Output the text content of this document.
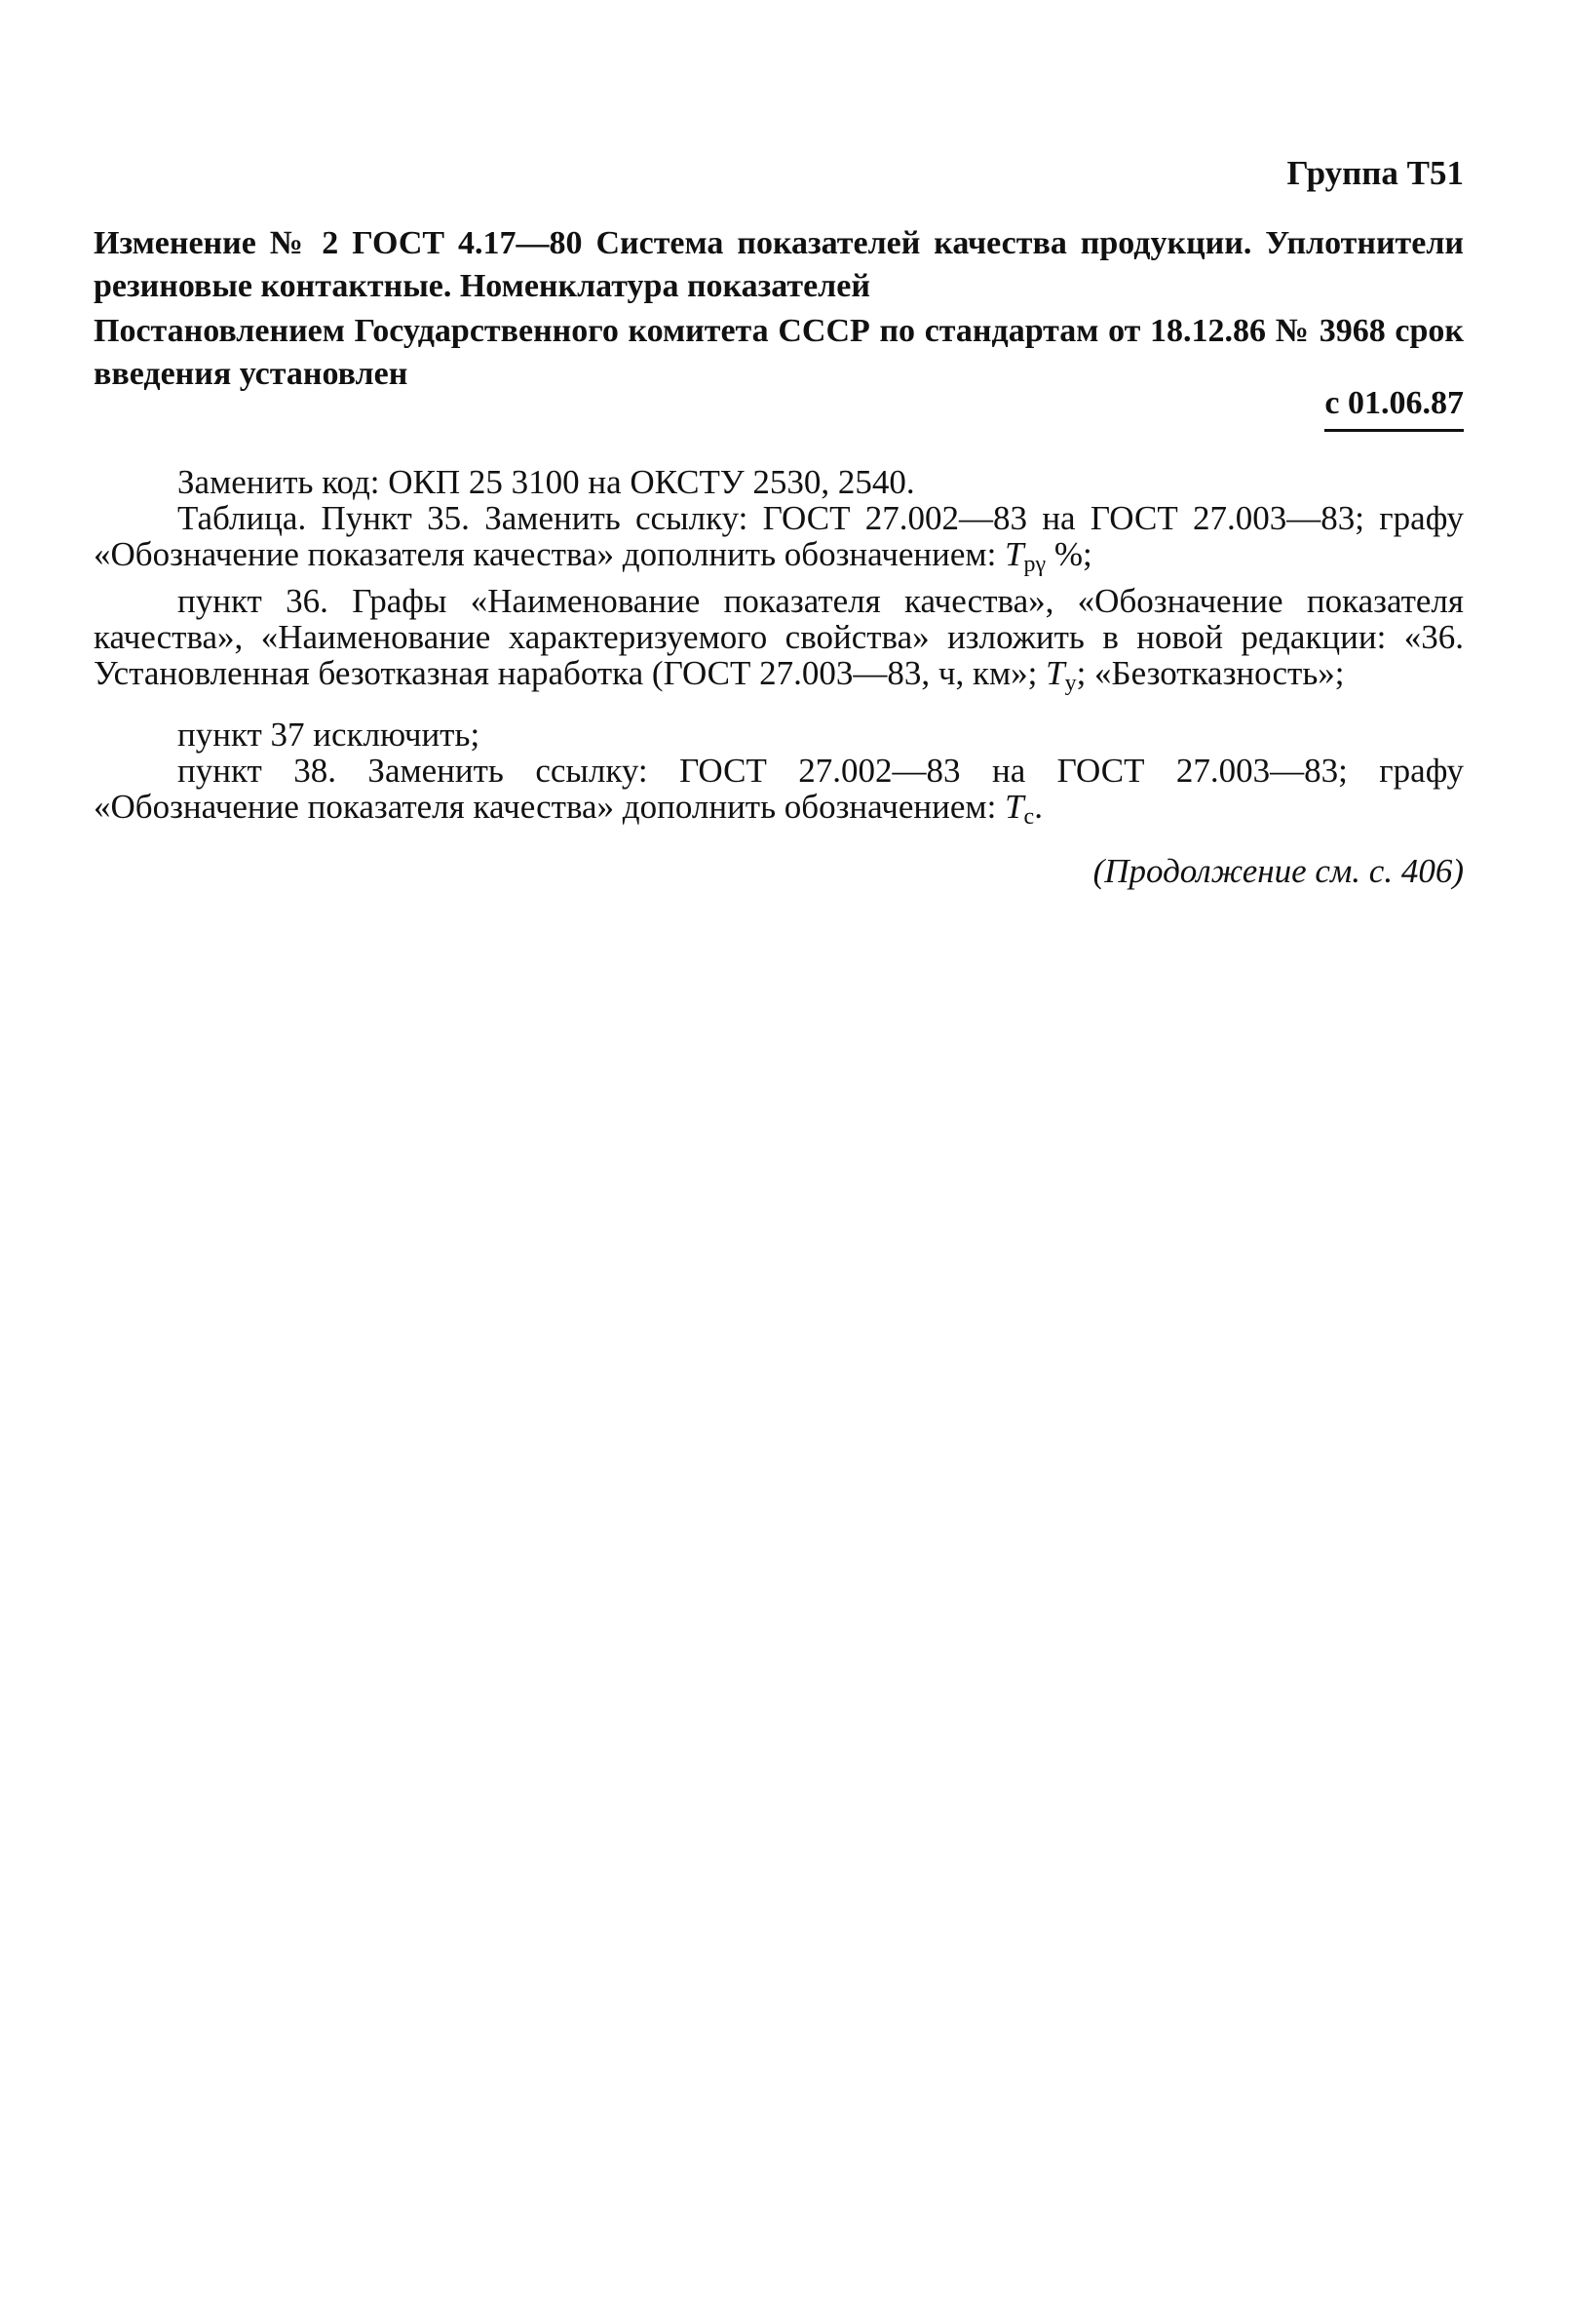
Группа Т51
Изменение № 2 ГОСТ 4.17—80 Система показателей качества продукции. Уплотнители резиновые контактные. Номенклатура показателей
Постановлением Государственного комитета СССР по стандартам от 18.12.86 № 3968 срок введения установлен
с 01.06.87

Заменить код: ОКП 25 3100 на ОКСТУ 2530, 2540.

Таблица. Пункт 35. Заменить ссылку: ГОСТ 27.002—83 на ГОСТ 27.003—83; графу «Обозначение показателя качества» дополнить обозначением: $T_{p\gamma}$ %;

пункт 36. Графы «Наименование показателя качества», «Обозначение показателя качества», «Наименование характеризуемого свойства» изложить в новой редакции: «36. Установленная безотказная наработка (ГОСТ 27.003—83, ч, км»; $T_у$; «Безотказность»;

пункт 37 исключить;

пункт 38. Заменить ссылку: ГОСТ 27.002—83 на ГОСТ 27.003—83; графу «Обозначение показателя качества» дополнить обозначением: $T_с$.

(Продолжение см. с. 406)
